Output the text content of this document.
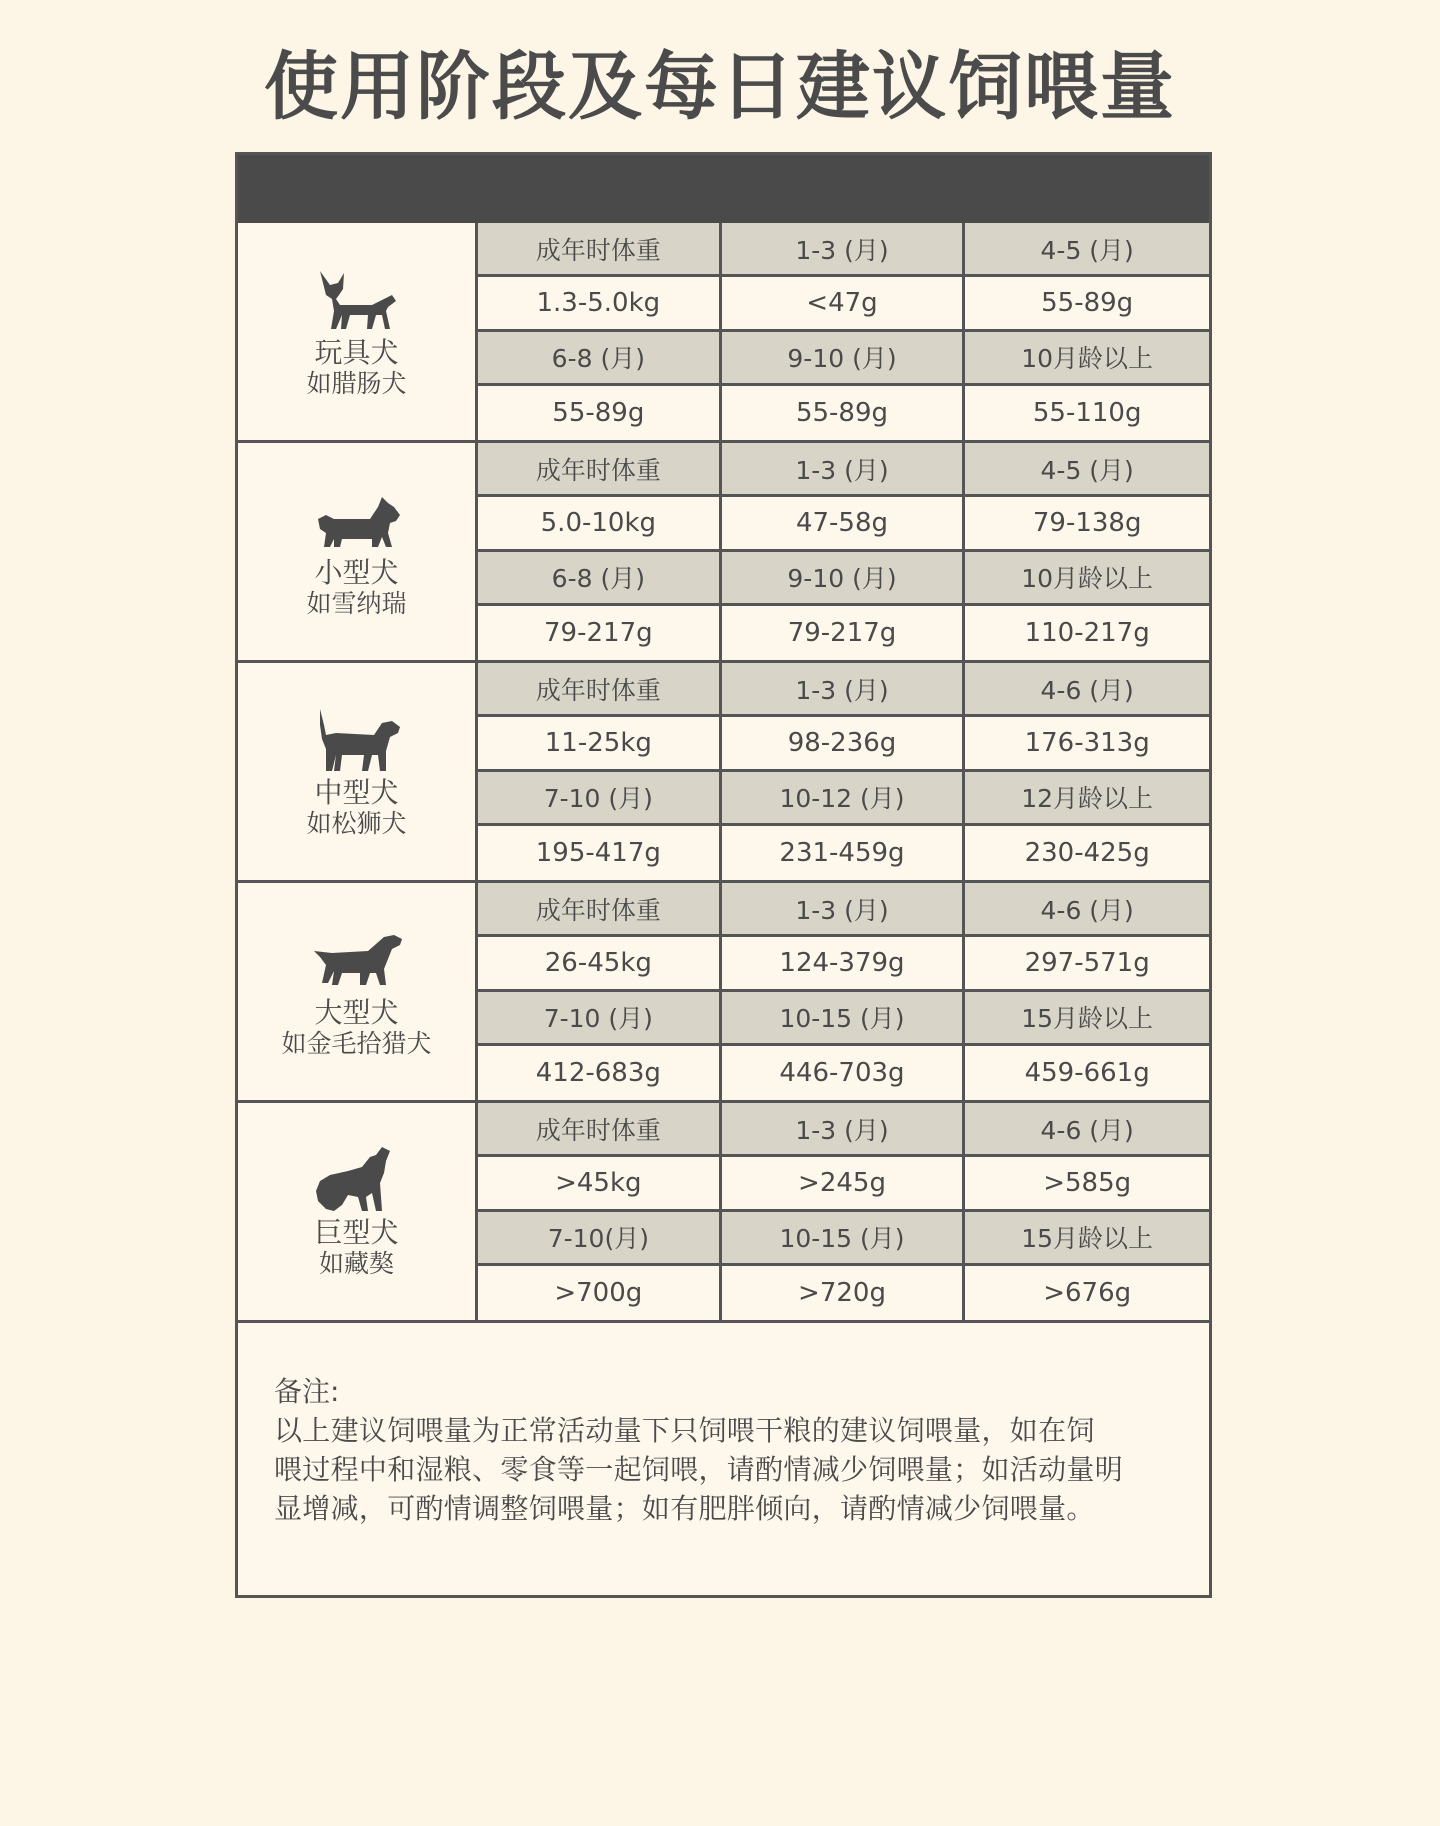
使用阶段及每日建议饲喂量
玩具犬
如腊肠犬
成年时体重	1-3 (月)	4-5 (月)
1.3-5.0kg	<47g	55-89g
6-8 (月)	9-10 (月)	10月龄以上
55-89g	55-89g	55-110g
小型犬
如雪纳瑞
成年时体重	1-3 (月)	4-5 (月)
5.0-10kg	47-58g	79-138g
6-8 (月)	9-10 (月)	10月龄以上
79-217g	79-217g	110-217g
中型犬
如松狮犬
成年时体重	1-3 (月)	4-6 (月)
11-25kg	98-236g	176-313g
7-10 (月)	10-12 (月)	12月龄以上
195-417g	231-459g	230-425g
大型犬
如金毛拾猎犬
成年时体重	1-3 (月)	4-6 (月)
26-45kg	124-379g	297-571g
7-10 (月)	10-15 (月)	15月龄以上
412-683g	446-703g	459-661g
巨型犬
如藏獒
成年时体重	1-3 (月)	4-6 (月)
>45kg	>245g	>585g
7-10(月)	10-15 (月)	15月龄以上
>700g	>720g	>676g

备注:

以上建议饲喂量为正常活动量下只饲喂干粮的建议饲喂量，如在饲

喂过程中和湿粮、零食等一起饲喂，请酌情减少饲喂量；如活动量明

显增减，可酌情调整饲喂量；如有肥胖倾向，请酌情减少饲喂量。
